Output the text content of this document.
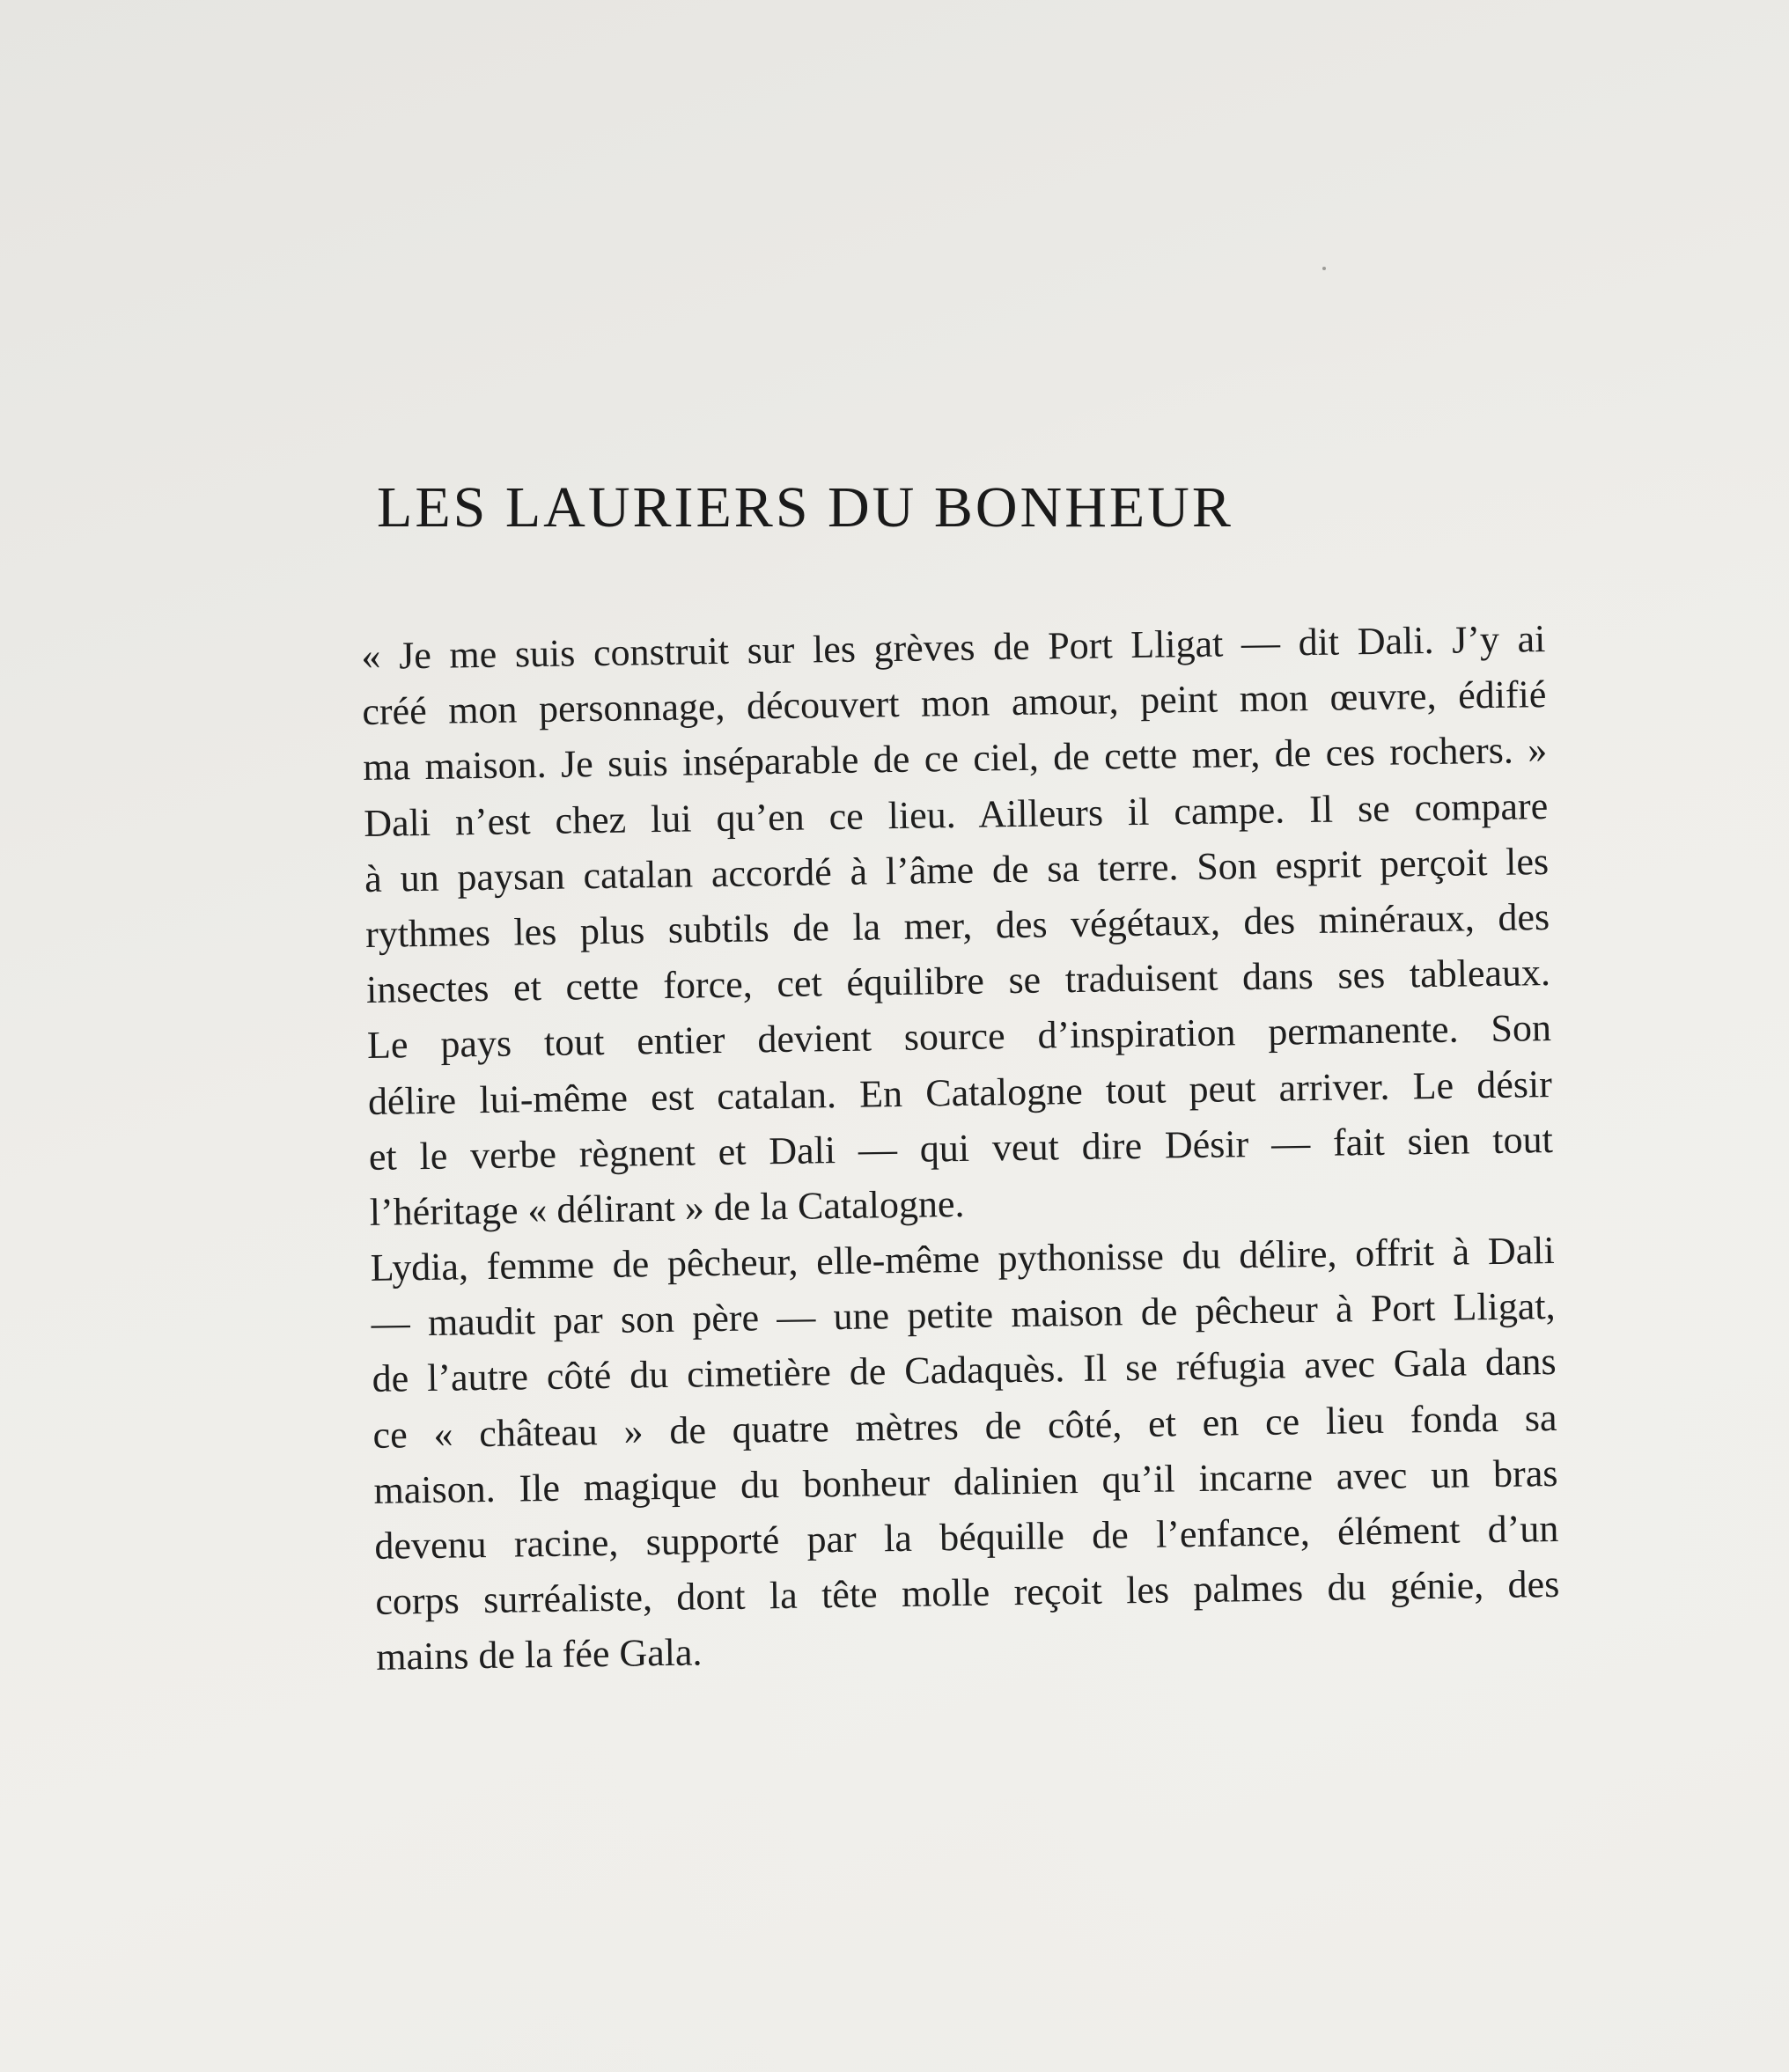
LES LAURIERS DU BONHEUR
« Je me suis construit sur les grèves de Port Lligat — dit Dali. J’y ai
créé mon personnage, découvert mon amour, peint mon œuvre, édifié
ma maison. Je suis inséparable de ce ciel, de cette mer, de ces rochers. »
Dali n’est chez lui qu’en ce lieu. Ailleurs il campe. Il se compare
à un paysan catalan accordé à l’âme de sa terre. Son esprit perçoit les
rythmes les plus subtils de la mer, des végétaux, des minéraux, des
insectes et cette force, cet équilibre se traduisent dans ses tableaux.
Le pays tout entier devient source d’inspiration permanente. Son
délire lui-même est catalan. En Catalogne tout peut arriver. Le désir
et le verbe règnent et Dali — qui veut dire Désir — fait sien tout
l’héritage « délirant » de la Catalogne.
Lydia, femme de pêcheur, elle-même pythonisse du délire, offrit à Dali
— maudit par son père — une petite maison de pêcheur à Port Lligat,
de l’autre côté du cimetière de Cadaquès. Il se réfugia avec Gala dans
ce « château » de quatre mètres de côté, et en ce lieu fonda sa
maison. Ile magique du bonheur dalinien qu’il incarne avec un bras
devenu racine, supporté par la béquille de l’enfance, élément d’un
corps surréaliste, dont la tête molle reçoit les palmes du génie, des
mains de la fée Gala.
